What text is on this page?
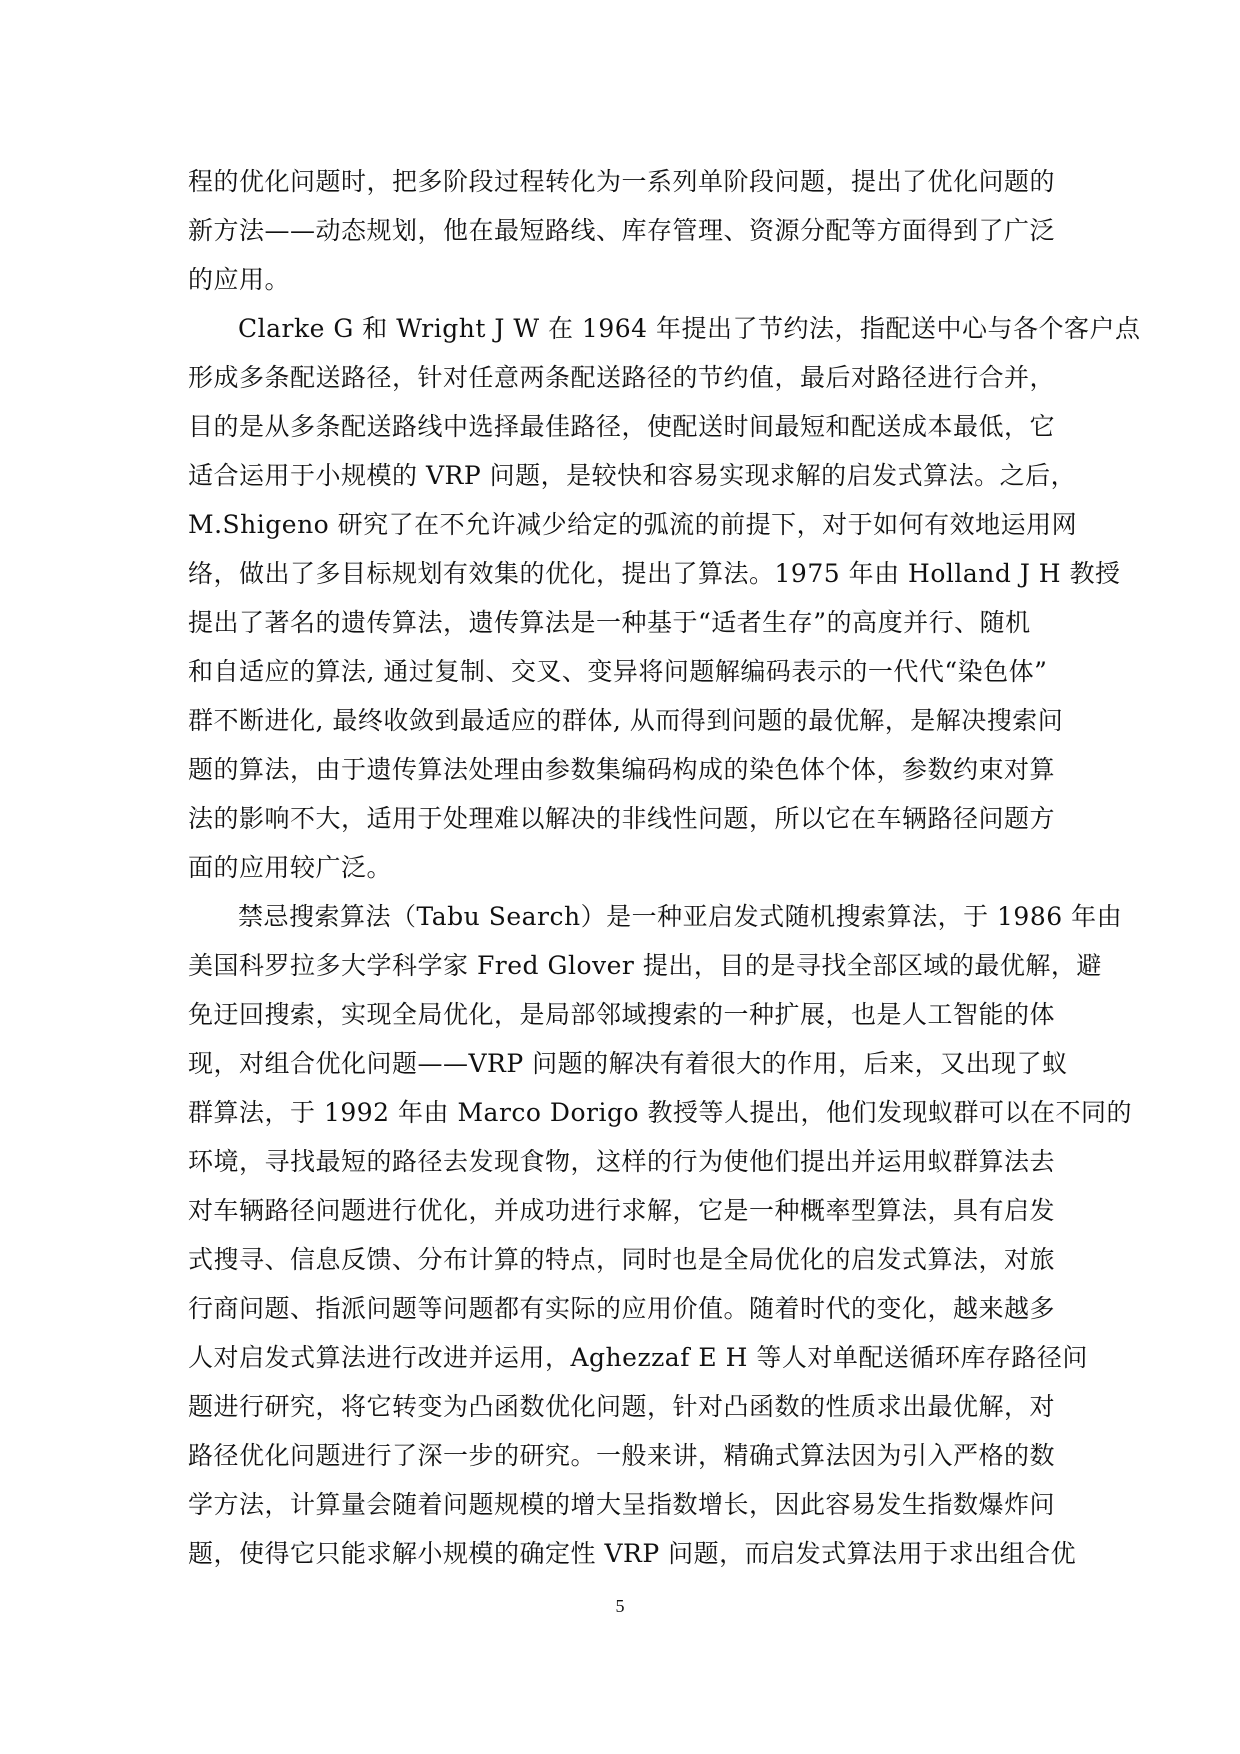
程的优化问题时，把多阶段过程转化为一系列单阶段问题，提出了优化问题的
新方法——动态规划，他在最短路线、库存管理、资源分配等方面得到了广泛
的应用。
Clarke G 和 Wright J W 在 1964 年提出了节约法，指配送中心与各个客户点
形成多条配送路径，针对任意两条配送路径的节约值，最后对路径进行合并，
目的是从多条配送路线中选择最佳路径，使配送时间最短和配送成本最低，它
适合运用于小规模的 VRP 问题，是较快和容易实现求解的启发式算法。之后，
M.Shigeno 研究了在不允许减少给定的弧流的前提下，对于如何有效地运用网
络，做出了多目标规划有效集的优化，提出了算法。1975 年由 Holland J H 教授
提出了著名的遗传算法，遗传算法是一种基于“适者生存”的高度并行、随机
和自适应的算法, 通过复制、交叉、变异将问题解编码表示的一代代“染色体”
群不断进化, 最终收敛到最适应的群体, 从而得到问题的最优解，是解决搜索问
题的算法，由于遗传算法处理由参数集编码构成的染色体个体，参数约束对算
法的影响不大，适用于处理难以解决的非线性问题，所以它在车辆路径问题方
面的应用较广泛。
禁忌搜索算法（Tabu Search）是一种亚启发式随机搜索算法，于 1986 年由
美国科罗拉多大学科学家 Fred Glover 提出，目的是寻找全部区域的最优解，避
免迂回搜索，实现全局优化，是局部邻域搜索的一种扩展，也是人工智能的体
现，对组合优化问题——VRP 问题的解决有着很大的作用，后来，又出现了蚁
群算法，于 1992 年由 Marco Dorigo 教授等人提出，他们发现蚁群可以在不同的
环境，寻找最短的路径去发现食物，这样的行为使他们提出并运用蚁群算法去
对车辆路径问题进行优化，并成功进行求解，它是一种概率型算法，具有启发
式搜寻、信息反馈、分布计算的特点，同时也是全局优化的启发式算法，对旅
行商问题、指派问题等问题都有实际的应用价值。随着时代的变化，越来越多
人对启发式算法进行改进并运用，Aghezzaf E H 等人对单配送循环库存路径问
题进行研究，将它转变为凸函数优化问题，针对凸函数的性质求出最优解，对
路径优化问题进行了深一步的研究。一般来讲，精确式算法因为引入严格的数
学方法，计算量会随着问题规模的增大呈指数增长，因此容易发生指数爆炸问
题，使得它只能求解小规模的确定性 VRP 问题，而启发式算法用于求出组合优
5
